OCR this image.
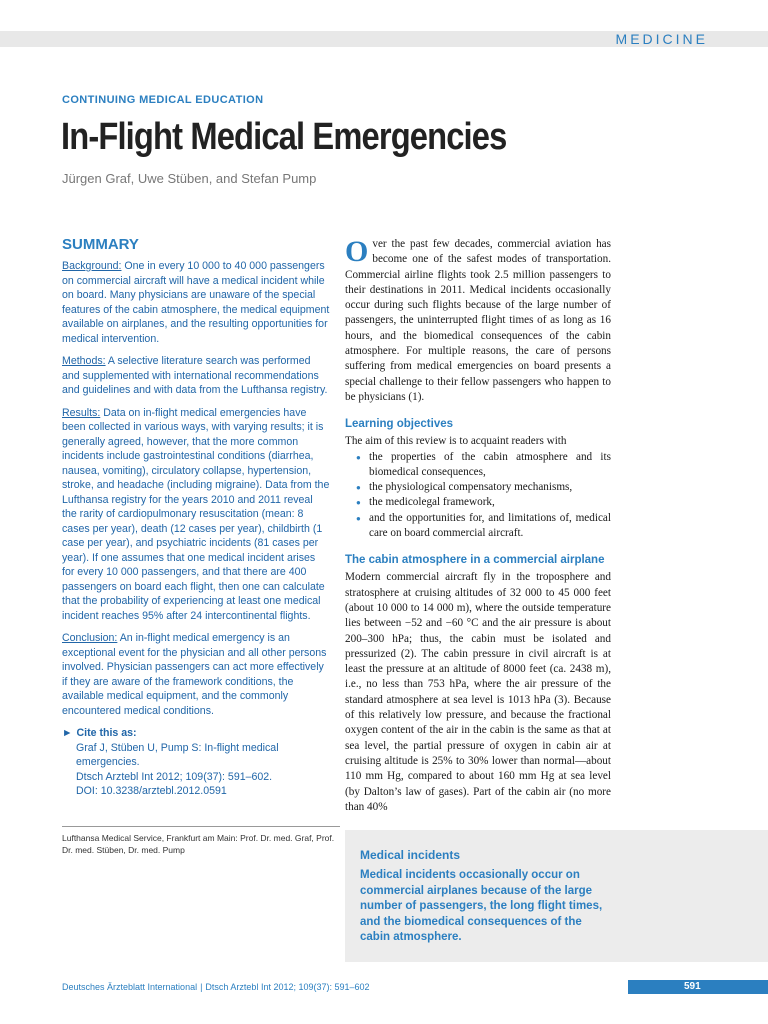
MEDICINE
CONTINUING MEDICAL EDUCATION
In-Flight Medical Emergencies
Jürgen Graf, Uwe Stüben, and Stefan Pump
SUMMARY

Background: One in every 10 000 to 40 000 passengers on commercial aircraft will have a medical incident while on board. Many physicians are unaware of the special features of the cabin atmosphere, the medical equipment available on airplanes, and the resulting opportunities for medical intervention.

Methods: A selective literature search was performed and supplemented with international recommendations and guidelines and with data from the Lufthansa registry.

Results: Data on in-flight medical emergencies have been collected in various ways, with varying results; it is generally agreed, however, that the more common incidents include gastrointestinal conditions (diarrhea, nausea, vomiting), circulatory collapse, hypertension, stroke, and headache (including migraine). Data from the Lufthansa registry for the years 2010 and 2011 reveal the rarity of cardiopulmonary resuscitation (mean: 8 cases per year), death (12 cases per year), childbirth (1 case per year), and psychiatric incidents (81 cases per year). If one assumes that one medical incident arises for every 10 000 passengers, and that there are 400 passengers on board each flight, then one can calculate that the probability of experiencing at least one medical incident reaches 95% after 24 intercontinental flights.

Conclusion: An in-flight medical emergency is an exceptional event for the physician and all other persons involved. Physician passengers can act more effectively if they are aware of the framework conditions, the available medical equipment, and the commonly encountered medical conditions.

► Cite this as:
Graf J, Stüben U, Pump S: In-flight medical emergencies.
Dtsch Arztebl Int 2012; 109(37): 591–602.
DOI: 10.3238/arztebl.2012.0591
Lufthansa Medical Service, Frankfurt am Main: Prof. Dr. med. Graf, Prof. Dr. med. Stüben, Dr. med. Pump

Over the past few decades, commercial aviation has become one of the safest modes of transportation. Commercial airline flights took 2.5 million passengers to their destinations in 2011. Medical incidents occasionally occur during such flights because of the large number of passengers, the uninterrupted flight times of as long as 16 hours, and the biomedical consequences of the cabin atmosphere. For multiple reasons, the care of persons suffering from medical emergencies on board presents a special challenge to their fellow passengers who happen to be physicians (1).

Learning objectives

The aim of this review is to acquaint readers with

● the properties of the cabin atmosphere and its biomedical consequences,
● the physiological compensatory mechanisms,
● the medicolegal framework,
● and the opportunities for, and limitations of, medical care on board commercial aircraft.
The cabin atmosphere in a commercial airplane

Modern commercial aircraft fly in the troposphere and stratosphere at cruising altitudes of 32 000 to 45 000 feet (about 10 000 to 14 000 m), where the outside temperature lies between −52 and −60 °C and the air pressure is about 200–300 hPa; thus, the cabin must be isolated and pressurized (2). The cabin pressure in civil aircraft is at least the pressure at an altitude of 8000 feet (ca. 2438 m), i.e., no less than 753 hPa, where the air pressure of the standard atmosphere at sea level is 1013 hPa (3). Because of this relatively low pressure, and because the fractional oxygen content of the air in the cabin is the same as that at sea level, the partial pressure of oxygen in cabin air at cruising altitude is 25% to 30% lower than normal—about 110 mm Hg, compared to about 160 mm Hg at sea level (by Dalton’s law of gases). Part of the cabin air (no more than 40%

Medical incidents

Medical incidents occasionally occur on commercial airplanes because of the large number of passengers, the long flight times, and the biomedical consequences of the cabin atmosphere.

Deutsches Ärzteblatt International | Dtsch Arztebl Int 2012; 109(37): 591–602	591
